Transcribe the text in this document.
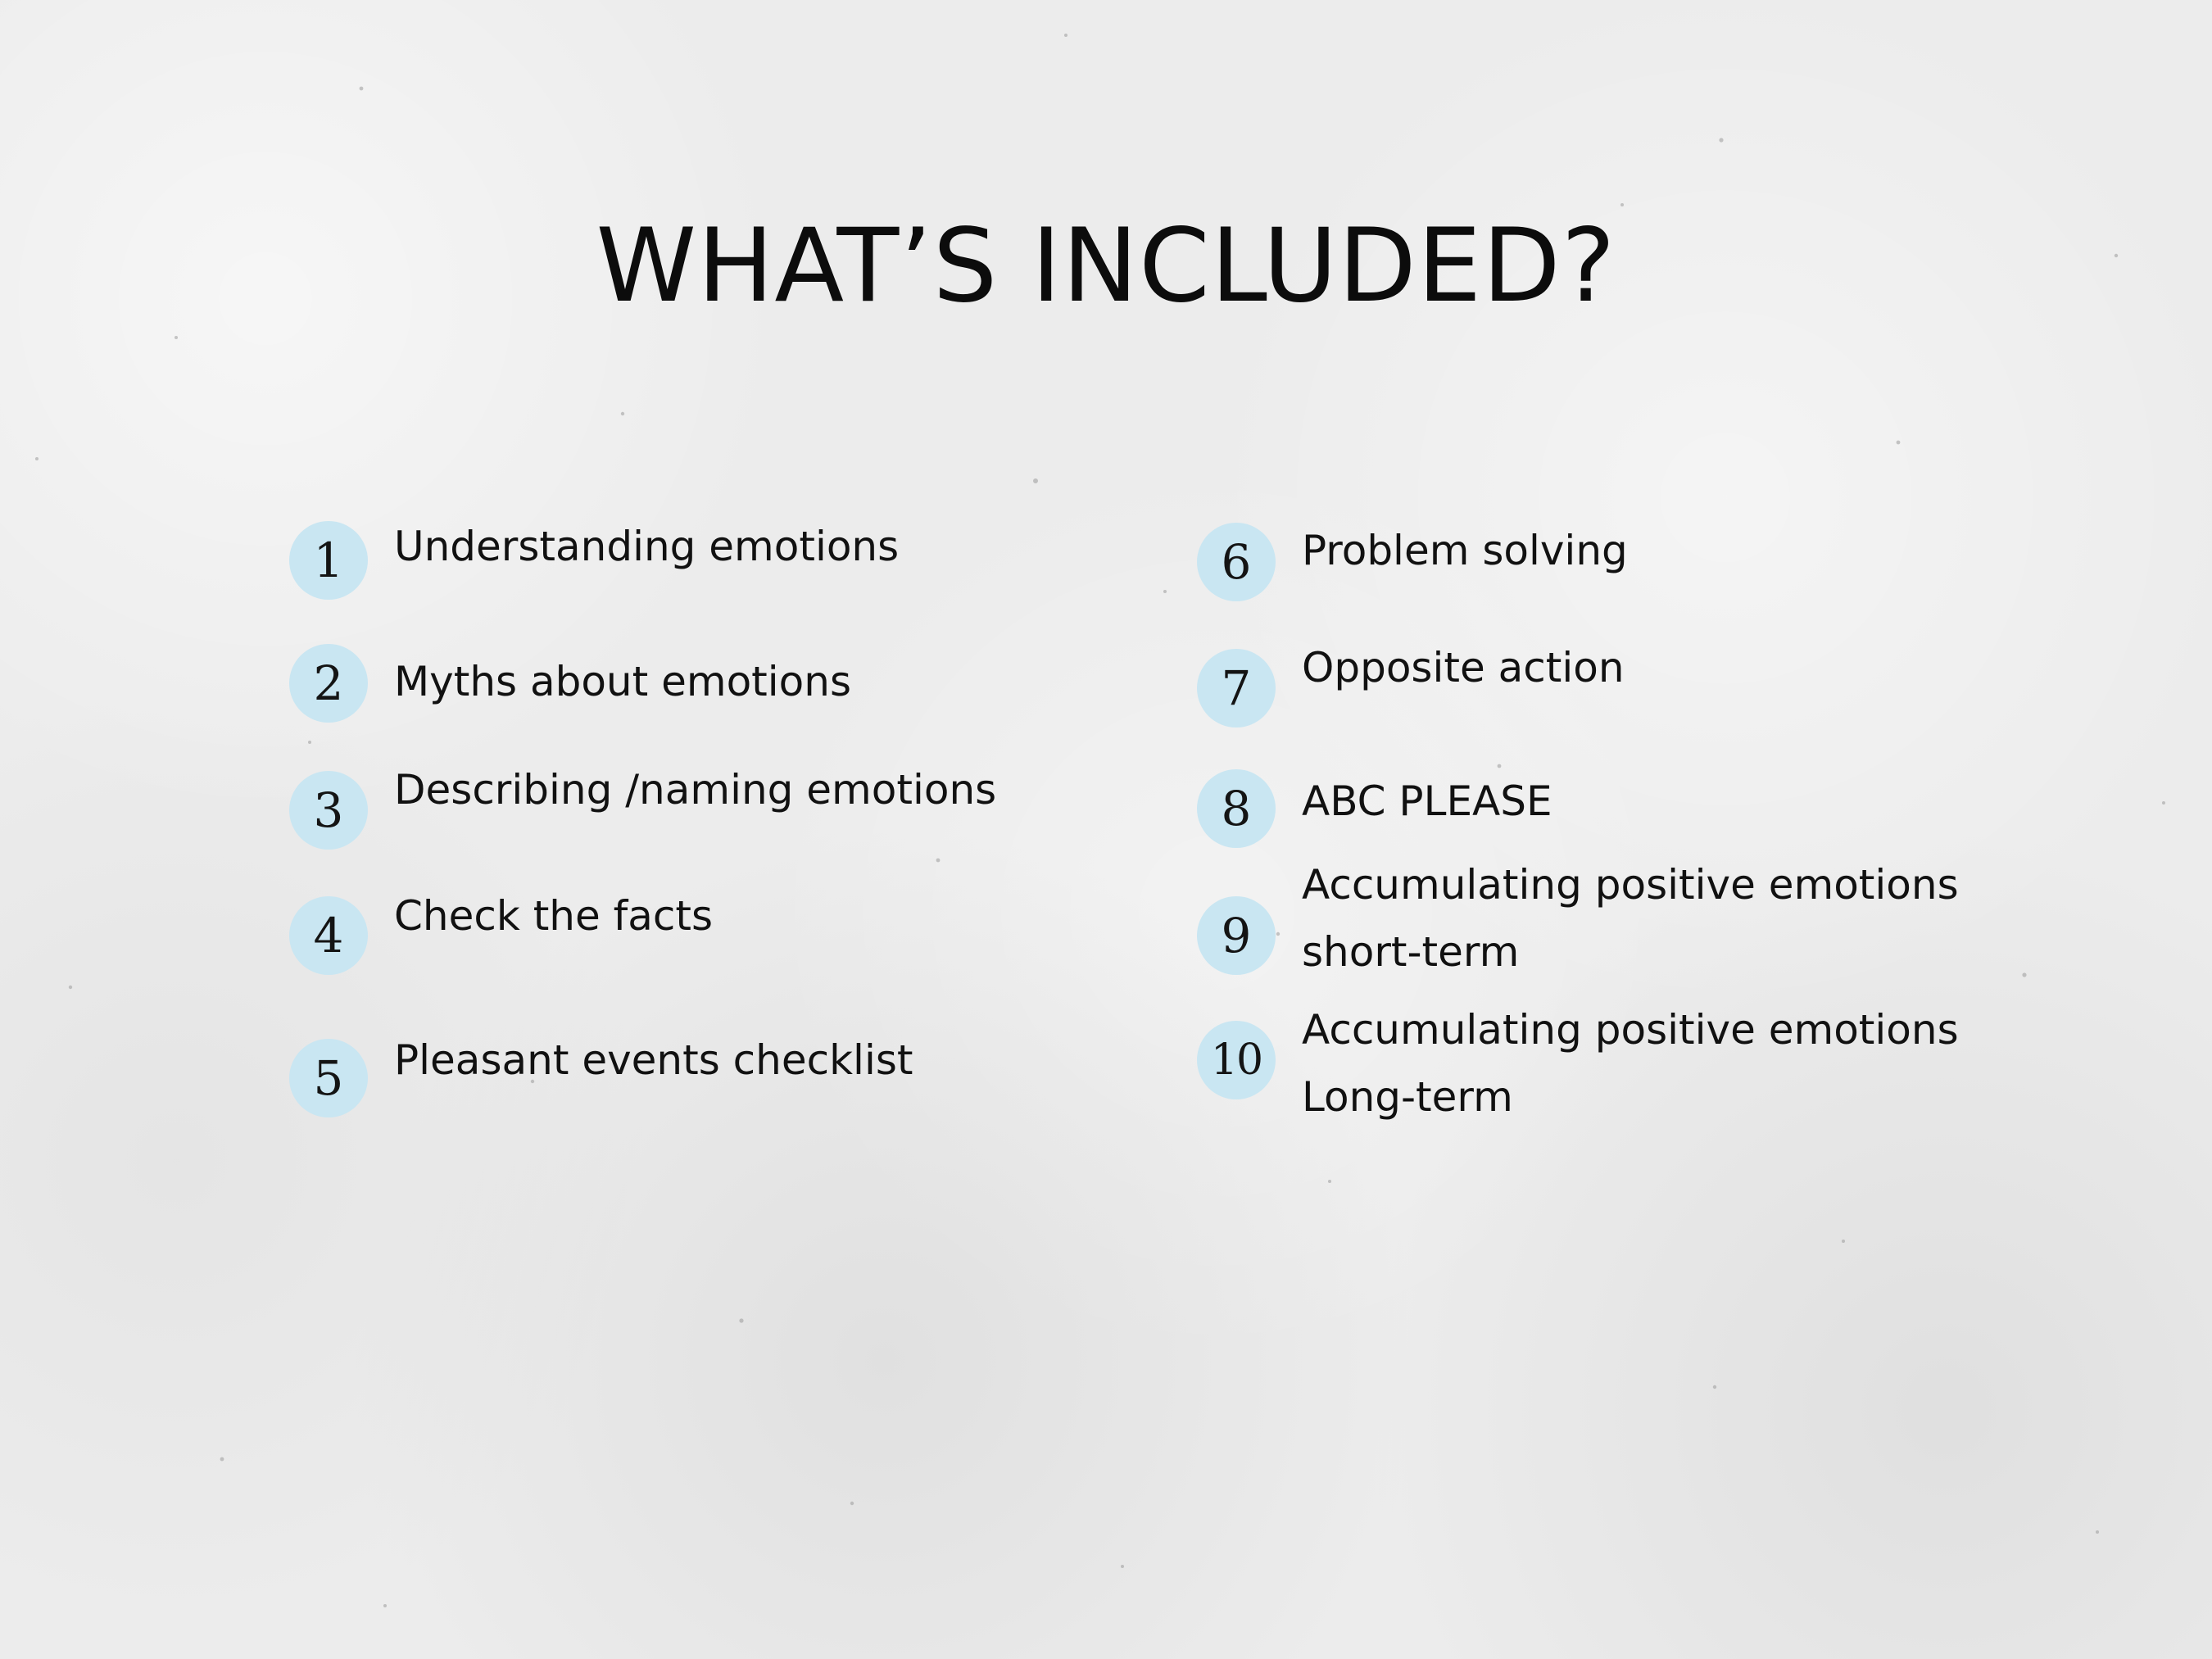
WHAT’S INCLUDED?
1	Understanding emotions
2	Myths about emotions
3	Describing /naming emotions
4	Check the facts
5	Pleasant events checklist
6	Problem solving
7	Opposite action
8	ABC PLEASE
9
Accumulating positive emotions
short-term
10
Accumulating positive emotions
Long-term
